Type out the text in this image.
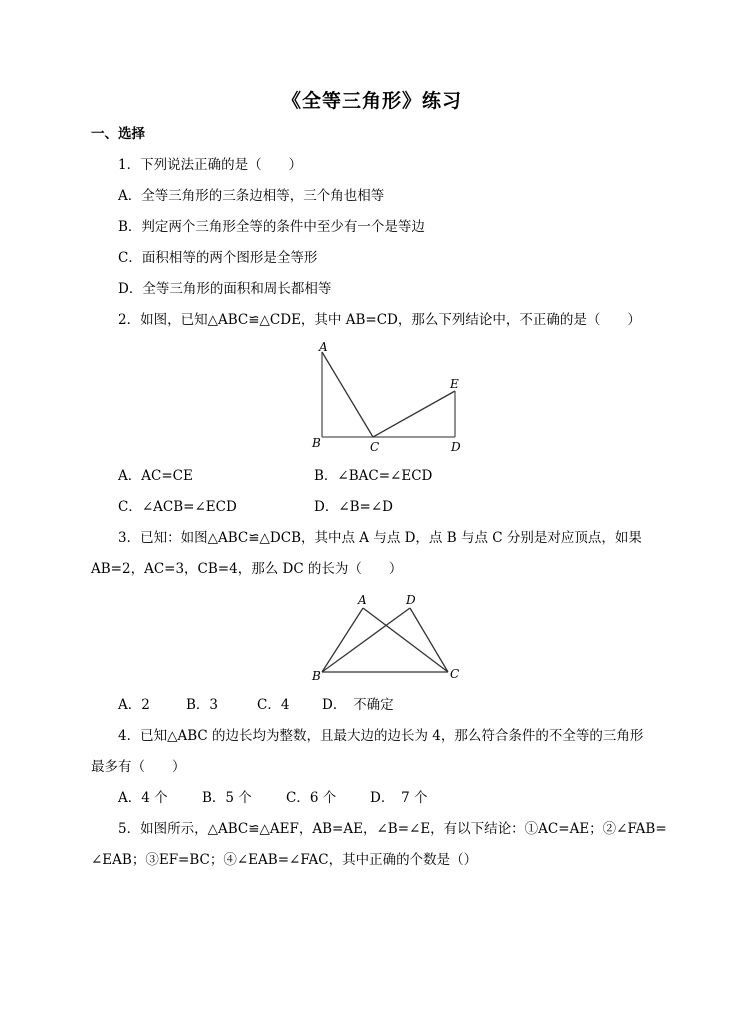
《全等三角形》练习
一、选择
1．下列说法正确的是（　　）
A．全等三角形的三条边相等，三个角也相等
B．判定两个三角形全等的条件中至少有一个是等边
C．面积相等的两个图形是全等形
D．全等三角形的面积和周长都相等
2．如图，已知△ABC≌△CDE，其中 AB=CD，那么下列结论中，不正确的是（　　）
A
B	C	D
E
A．AC=CE	B．∠BAC=∠ECD
C．∠ACB=∠ECD	D．∠B=∠D
3．已知：如图△ABC≌△DCB，其中点 A 与点 D，点 B 与点 C 分别是对应顶点，如果
AB=2，AC=3，CB=4，那么 DC 的长为（　　）
A
B	C
D
A．2	B．3	C．4 D．　不确定
4．已知△ABC 的边长均为整数，且最大边的边长为 4，那么符合条件的不全等的三角形
最多有（　　）
A．4 个	B．5 个	C．6 个	D．　7 个
5．如图所示，△ABC≌△AEF，AB=AE，∠B=∠E，有以下结论：①AC=AE；②∠FAB=
∠EAB；③EF=BC；④∠EAB=∠FAC，其中正确的个数是（）
